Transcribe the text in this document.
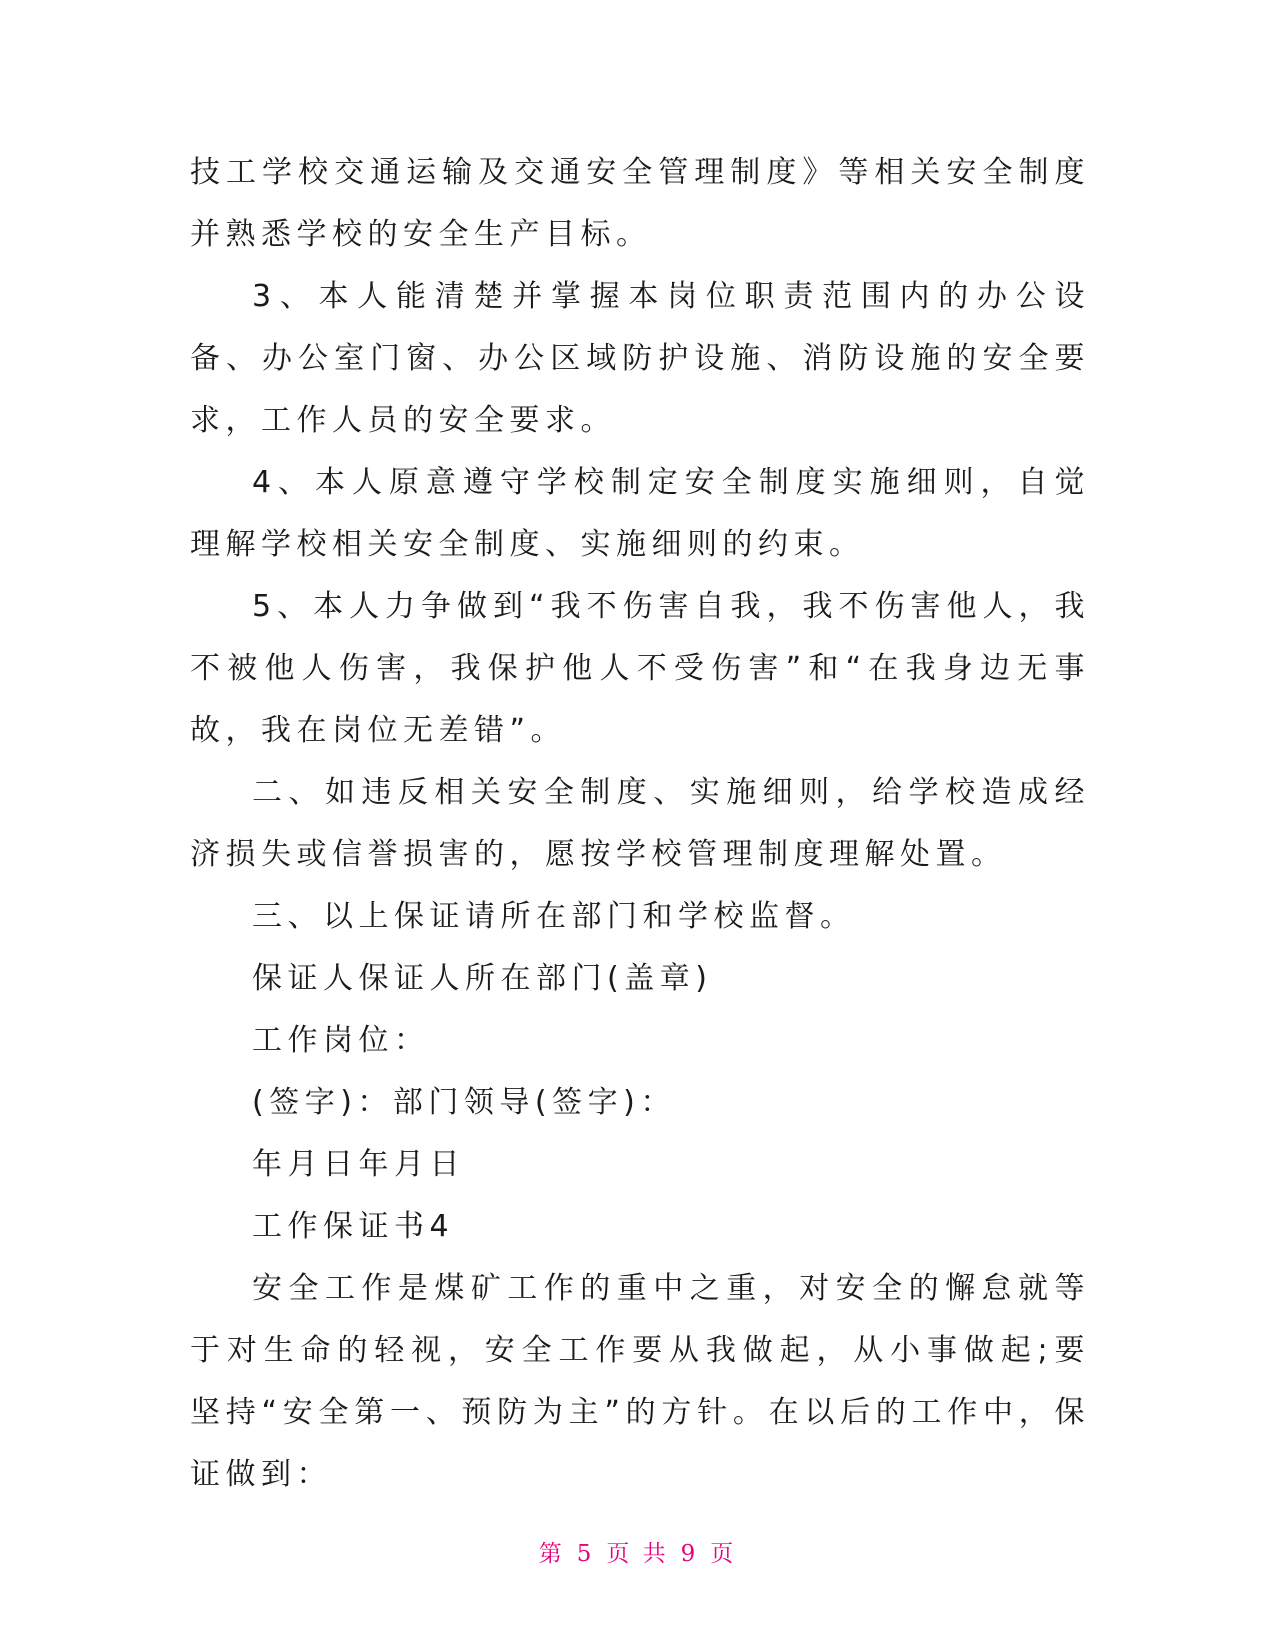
技工学校交通运输及交通安全管理制度》等相关安全制度并熟悉学校的安全生产目标。

3、本人能清楚并掌握本岗位职责范围内的办公设备、办公室门窗、办公区域防护设施、消防设施的安全要求，工作人员的安全要求。

4、本人原意遵守学校制定安全制度实施细则，自觉理解学校相关安全制度、实施细则的约束。

5、本人力争做到“我不伤害自我，我不伤害他人，我不被他人伤害，我保护他人不受伤害”和“在我身边无事故，我在岗位无差错”。

二、如违反相关安全制度、实施细则，给学校造成经济损失或信誉损害的，愿按学校管理制度理解处置。

三、以上保证请所在部门和学校监督。

保证人保证人所在部门(盖章)

工作岗位：

(签字)：部门领导(签字)：

年月日年月日

工作保证书4

安全工作是煤矿工作的重中之重，对安全的懈怠就等于对生命的轻视，安全工作要从我做起，从小事做起;要坚持“安全第一、预防为主”的方针。在以后的工作中，保证做到：

第 5 页 共 9 页
